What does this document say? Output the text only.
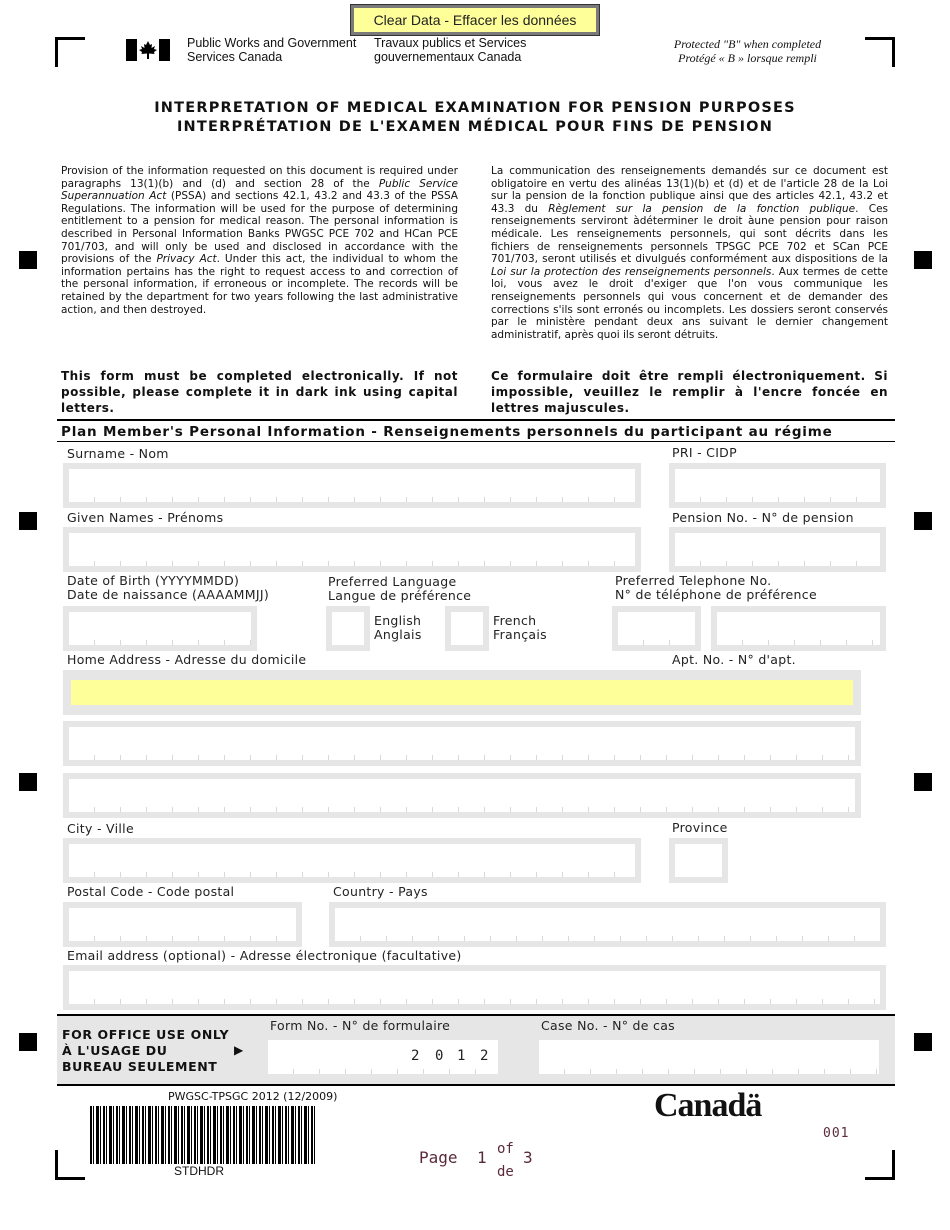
Clear Data - Effacer les données
Public Works and Government
Services Canada
Travaux publics et Services
gouvernementaux Canada
Protected "B" when completed
Protégé « B » lorsque rempli
INTERPRETATION OF MEDICAL EXAMINATION FOR PENSION PURPOSES
INTERPRÉTATION DE L'EXAMEN MÉDICAL POUR FINS DE PENSION
Provision of the information requested on this document is required under paragraphs 13(1)(b) and (d) and section 28 of the Public Service Superannuation Act (PSSA) and sections 42.1, 43.2 and 43.3 of the PSSA Regulations. The information will be used for the purpose of determining entitlement to a pension for medical reason. The personal information is described in Personal Information Banks PWGSC PCE 702 and HCan PCE 701/703, and will only be used and disclosed in accordance with the provisions of the Privacy Act. Under this act, the individual to whom the information pertains has the right to request access to and correction of the personal information, if erroneous or incomplete. The records will be retained by the department for two years following the last administrative action, and then destroyed.
La communication des renseignements demandés sur ce document est obligatoire en vertu des alinéas 13(1)(b) et (d) et de l'article 28 de la Loi sur la pension de la fonction publique ainsi que des articles 42.1, 43.2 et 43.3 du Règlement sur la pension de la fonction publique. Ces renseignements serviront àdéterminer le droit àune pension pour raison médicale. Les renseignements personnels, qui sont décrits dans les fichiers de renseignements personnels TPSGC PCE 702 et SCan PCE 701/703, seront utilisés et divulgués conformément aux dispositions de la Loi sur la protection des renseignements personnels. Aux termes de cette loi, vous avez le droit d'exiger que l'on vous communique les renseignements personnels qui vous concernent et de demander des corrections s'ils sont erronés ou incomplets. Les dossiers seront conservés par le ministère pendant deux ans suivant le dernier changement administratif, après quoi ils seront détruits.
This form must be completed electronically. If not possible, please complete it in dark ink using capital letters.
Ce formulaire doit être rempli électroniquement. Si impossible, veuillez le remplir à l'encre foncée en lettres majuscules.
Plan Member's Personal Information - Renseignements personnels du participant au régime
Surname - Nom	PRI - CIDP
Given Names - Prénoms	Pension No. - N° de pension
Date of Birth (YYYYMMDD)
Date de naissance (AAAAMMJJ)
Preferred Language
Langue de préférence
Preferred Telephone No.
N° de téléphone de préférence
English
Anglais
French
Français
Home Address - Adresse du domicile	Apt. No. - N° d'apt.
City - Ville	Province
Postal Code - Code postal	Country - Pays
Email address (optional) - Adresse électronique (facultative)
FOR OFFICE USE ONLY
À L'USAGE DU
BUREAU SEULEMENT
▶
Form No. - N° de formulaire	Case No. - N° de cas
2 0 1 2
PWGSC-TPSGC 2012 (12/2009)
STDHDR
Page 1 of
de
3
Canadä
001
